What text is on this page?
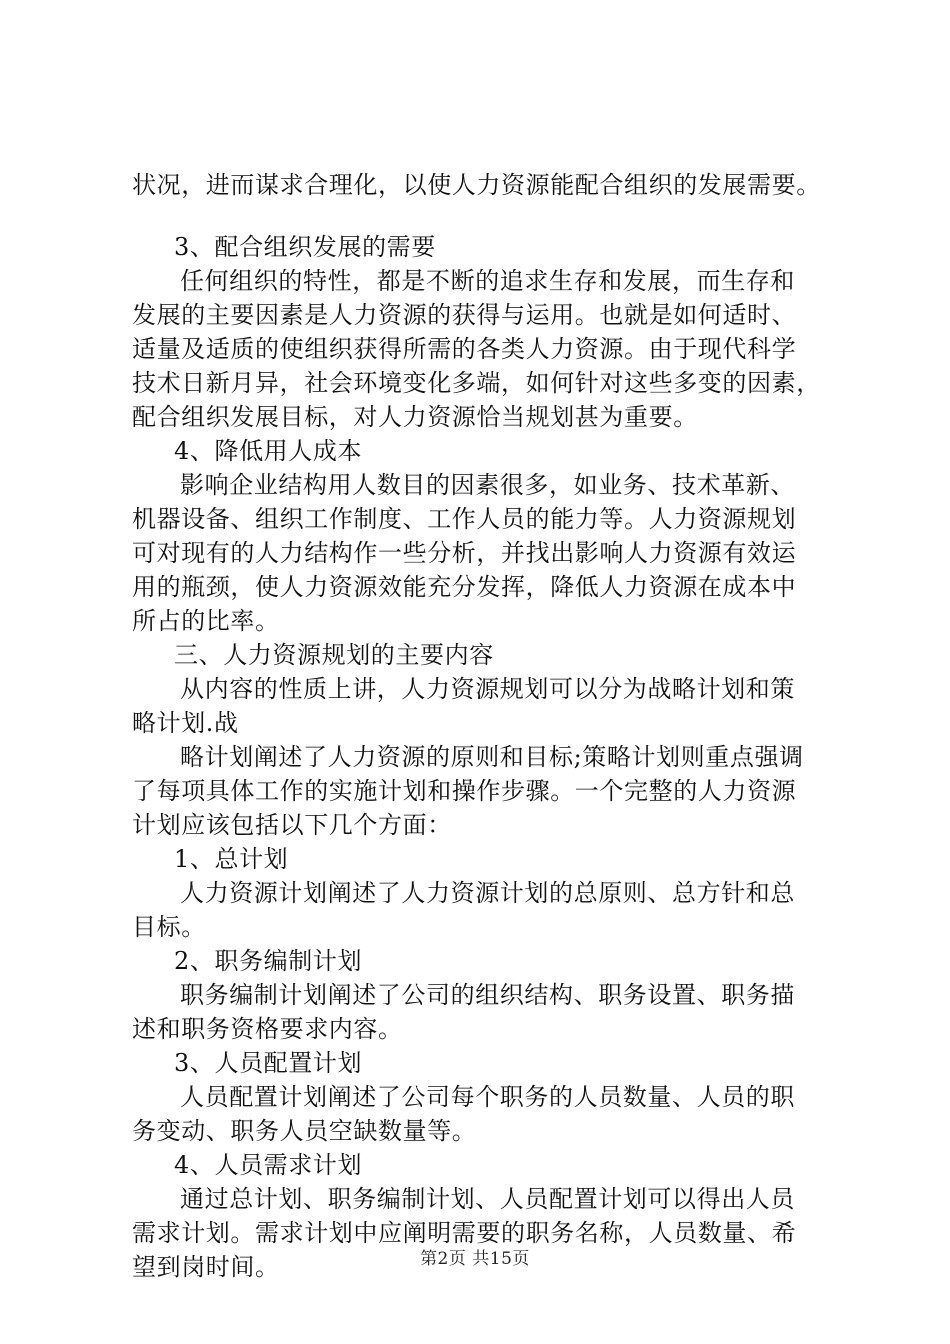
状况，进而谋求合理化，以使人力资源能配合组织的发展需要。
3、配合组织发展的需要
任何组织的特性，都是不断的追求生存和发展，而生存和
发展的主要因素是人力资源的获得与运用。也就是如何适时、
适量及适质的使组织获得所需的各类人力资源。由于现代科学
技术日新月异，社会环境变化多端，如何针对这些多变的因素，
配合组织发展目标，对人力资源恰当规划甚为重要。
4、降低用人成本
影响企业结构用人数目的因素很多，如业务、技术革新、
机器设备、组织工作制度、工作人员的能力等。人力资源规划
可对现有的人力结构作一些分析，并找出影响人力资源有效运
用的瓶颈，使人力资源效能充分发挥，降低人力资源在成本中
所占的比率。
三、人力资源规划的主要内容
从内容的性质上讲，人力资源规划可以分为战略计划和策
略计划.战
略计划阐述了人力资源的原则和目标;策略计划则重点强调
了每项具体工作的实施计划和操作步骤。一个完整的人力资源
计划应该包括以下几个方面：
1、总计划
人力资源计划阐述了人力资源计划的总原则、总方针和总
目标。
2、职务编制计划
职务编制计划阐述了公司的组织结构、职务设置、职务描
述和职务资格要求内容。
3、人员配置计划
人员配置计划阐述了公司每个职务的人员数量、人员的职
务变动、职务人员空缺数量等。
4、人员需求计划
通过总计划、职务编制计划、人员配置计划可以得出人员
需求计划。需求计划中应阐明需要的职务名称，人员数量、希
望到岗时间。	第2页 共15页
